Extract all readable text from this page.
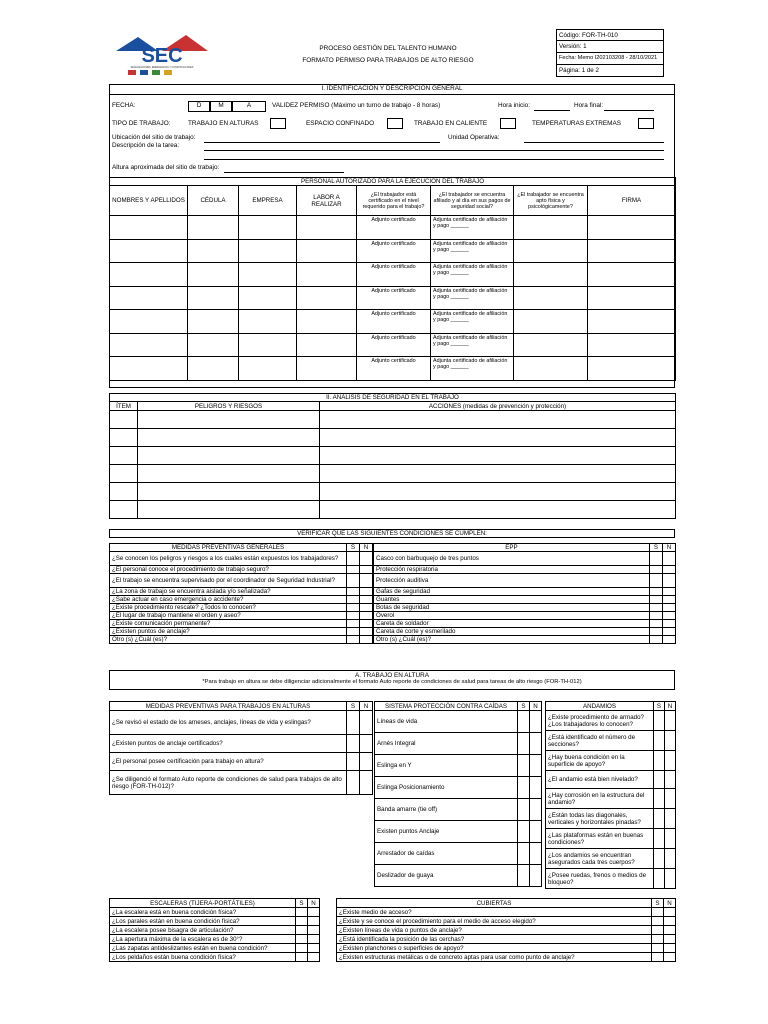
SEC
SEÑALIZACIONES, EMERGENCIAS Y CONSTRUCCIONES
PROCESO GESTIÓN DEL TALENTO HUMANO
FORMATO PERMISO PARA TRABAJOS DE ALTO RIESGO
Código: FOR-TH-010
Versión: 1
Fecha: Memo I202103208 - 28/10/2021
Página: 1 de 2
I. IDENTIFICACIÓN Y DESCRIPCIÓN GENERAL
FECHA:	D	M	A	VALIDEZ PERMISO (Máximo un turno de trabajo - 8 horas)	Hora inicio:	Hora final:
TIPO DE TRABAJO:	TRABAJO EN ALTURAS	ESPACIO CONFINADO	TRABAJO EN CALIENTE	TEMPERATURAS EXTREMAS
Ubicación del sitio de trabajo:	Unidad Operativa:
Descripción de la tarea:
Altura aproximada del sitio de trabajo:
PERSONAL AUTORIZADO PARA LA EJECUCIÓN DEL TRABAJO							
NOMBRES Y APELLIDOS	CÉDULA	EMPRESA	LABOR A REALIZAR	¿El trabajador está certificado en el nivel requerido para el trabajo?	¿El trabajador se encuentra afiliado y al día en sus pagos de seguridad social?	¿El trabajador se encuentra apto física y psicológicamente?	FIRMA
				Adjunto certificado	Adjunta certificado de afiliación y pago ______		
				Adjunto certificado	Adjunta certificado de afiliación y pago ______		
				Adjunto certificado	Adjunta certificado de afiliación y pago ______		
				Adjunto certificado	Adjunta certificado de afiliación y pago ______		
				Adjunto certificado	Adjunta certificado de afiliación y pago ______		
				Adjunto certificado	Adjunta certificado de afiliación y pago ______		
				Adjunto certificado	Adjunta certificado de afiliación y pago ______		
II. ANÁLISIS DE SEGURIDAD EN EL TRABAJO		
ÍTEM	PELIGROS Y RIESGOS	ACCIONES (medidas de prevención y protección)

VERIFICAR QUE LAS SIGUIENTES CONDICIONES SE CUMPLEN:
MEDIDAS PREVENTIVAS GENERALES	S	N
¿Se conocen los peligros y riesgos a los cuales están expuestos los trabajadores?		
¿El personal conoce el procedimiento de trabajo seguro?		
¿El trabajo se encuentra supervisado por el coordinador de Seguridad Industrial?		
¿La zona de trabajo se encuentra aislada y/o señalizada?		
¿Sabe actuar en caso emergencia o accidente?		
¿Existe procedimiento rescate? ¿Todos lo conocen?		
¿El lugar de trabajo mantiene el orden y aseo?		
¿Existe comunicación permanente?		
¿Existen puntos de anclaje?		
Otro (s) ¿Cuál (es)?		
EPP	S	N
Casco con barbuquejo de tres puntos		
Protección respiratoria		
Protección auditiva		
Gafas de seguridad		
Guantes		
Botas de seguridad		
Overol		
Careta de soldador		
Careta de corte y esmerilado		
Otro (s) ¿Cuál (es)?		
A. TRABAJO EN ALTURA
*Para trabajo en altura se debe diligenciar adicionalmente el formato Auto reporte de condiciones de salud para tareas de alto riesgo (FOR-TH-012)
MEDIDAS PREVENTIVAS PARA TRABAJOS EN ALTURAS	S	N
¿Se revisó el estado de los arneses, anclajes, líneas de vida y eslingas?		
¿Existen puntos de anclaje certificados?		
¿El personal posee certificación para trabajo en altura?		
¿Se diligenció el formato Auto reporte de condiciones de salud para trabajos de alto riesgo (FOR-TH-012)?		
SISTEMA PROTECCIÓN CONTRA CAÍDAS	S	N
Líneas de vida		
Arnés Integral		
Eslinga en Y		
Eslinga Posicionamiento		
Banda amarre (tie off)		
Existen puntos Anclaje		
Arrestador de caídas		
Deslizador de guaya		
ANDAMIOS	S	N
¿Existe procedimiento de armado? ¿Los trabajadores lo conocen?		
¿Está identificado el número de secciones?		
¿Hay buena condición en la superficie de apoyo?		
¿El andamio está bien nivelado?		
¿Hay corrosión en la estructura del andamio?		
¿Están todas las diagonales, verticales y horizontales pinadas?		
¿Las plataformas están en buenas condiciones?		
¿Los andamios se encuentran asegurados cada tres cuerpos?		
¿Posee ruedas, frenos o medios de bloqueo?		
ESCALERAS (TIJERA-PORTÁTILES)	S	N
¿La escalera está en buena condición física?		
¿Los parales están en buena condición física?		
¿La escalera posee bisagra de articulación?		
¿La apertura máxima de la escalera es de 30°?		
¿Las zapatas antideslizantes están en buena condición?		
¿Los peldaños están buena condición física?		
CUBIERTAS	S	N
¿Existe medio de acceso?		
¿Existe y se conoce el procedimiento para el medio de acceso elegido?		
¿Existen líneas de vida o puntos de anclaje?		
¿Está identificada la posición de las cerchas?		
¿Existen planchones o superficies de apoyo?		
¿Existen estructuras metálicas o de concreto aptas para usar como punto de anclaje?		
